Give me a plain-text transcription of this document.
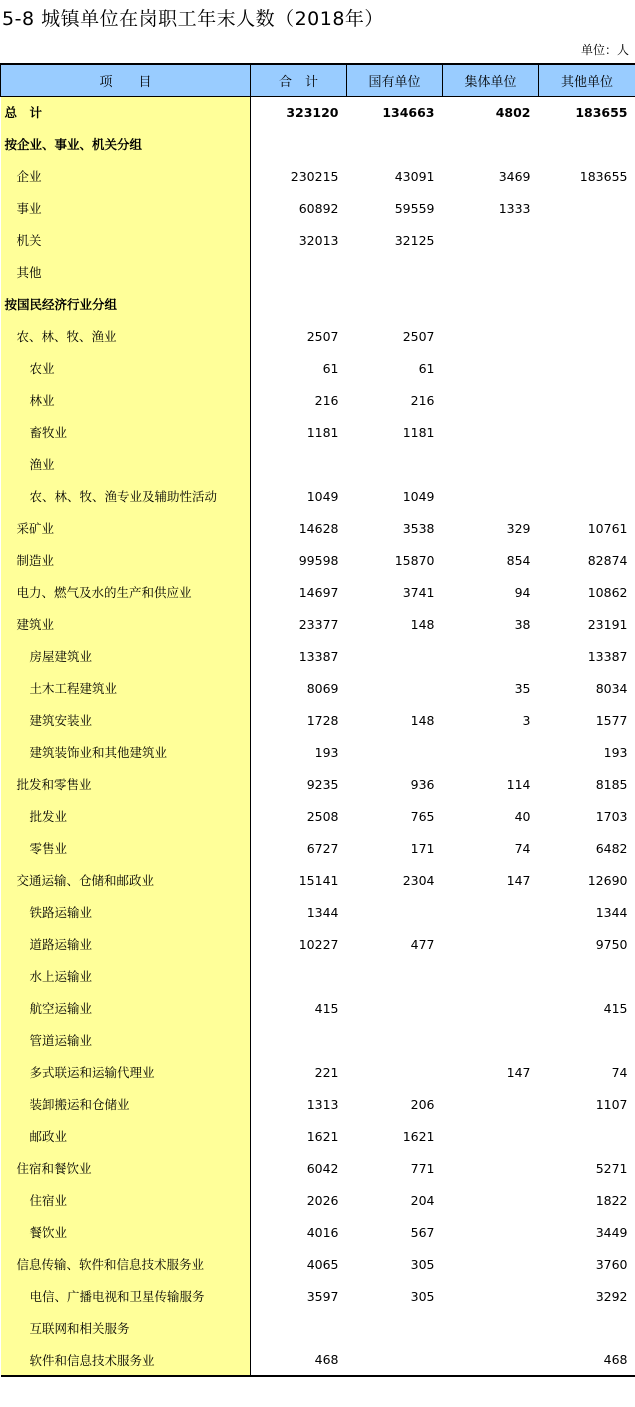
5-8 城镇单位在岗职工年末人数（2018年）
单位：人
项　　目	合　计	国有单位	集体单位	其他单位
总　计	323120	134663	4802	183655
按企业、事业、机关分组				
企业	230215	43091	3469	183655
事业	60892	59559	1333	
机关	32013	32125		
其他				
按国民经济行业分组				
农、林、牧、渔业	2507	2507		
农业	61	61		
林业	216	216		
畜牧业	1181	1181		
渔业				
农、林、牧、渔专业及辅助性活动	1049	1049		
采矿业	14628	3538	329	10761
制造业	99598	15870	854	82874
电力、燃气及水的生产和供应业	14697	3741	94	10862
建筑业	23377	148	38	23191
房屋建筑业	13387			13387
土木工程建筑业	8069		35	8034
建筑安装业	1728	148	3	1577
建筑装饰业和其他建筑业	193			193
批发和零售业	9235	936	114	8185
批发业	2508	765	40	1703
零售业	6727	171	74	6482
交通运输、仓储和邮政业	15141	2304	147	12690
铁路运输业	1344			1344
道路运输业	10227	477		9750
水上运输业				
航空运输业	415			415
管道运输业				
多式联运和运输代理业	221		147	74
装卸搬运和仓储业	1313	206		1107
邮政业	1621	1621		
住宿和餐饮业	6042	771		5271
住宿业	2026	204		1822
餐饮业	4016	567		3449
信息传输、软件和信息技术服务业	4065	305		3760
电信、广播电视和卫星传输服务	3597	305		3292
互联网和相关服务				
软件和信息技术服务业	468			468
